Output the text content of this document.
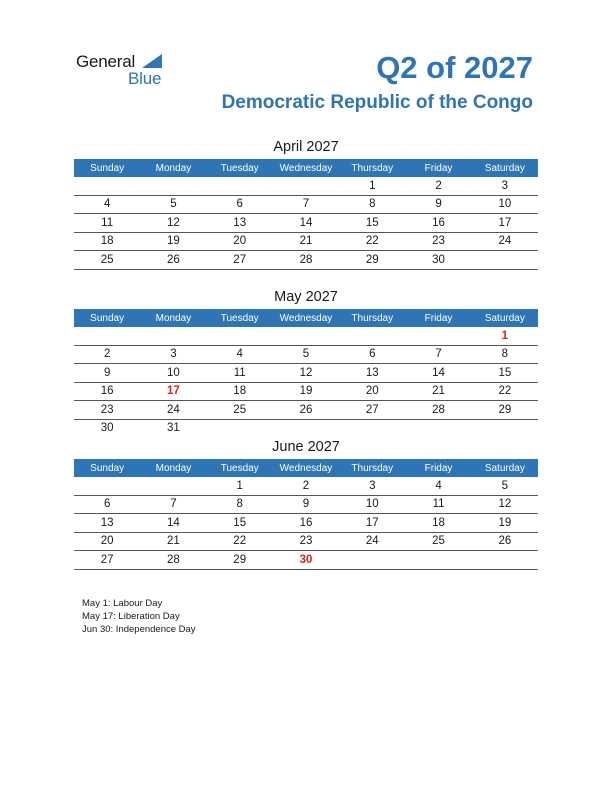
General
Blue	Q2 of 2027
Democratic Republic of the Congo
April 2027
Sunday	Monday	Tuesday	Wednesday	Thursday	Friday	Saturday
				1	2	3
4	5	6	7	8	9	10
11	12	13	14	15	16	17
18	19	20	21	22	23	24
25	26	27	28	29	30	
May 2027
Sunday	Monday	Tuesday	Wednesday	Thursday	Friday	Saturday
						1
2	3	4	5	6	7	8
9	10	11	12	13	14	15
16	17	18	19	20	21	22
23	24	25	26	27	28	29
30	31					
June 2027
Sunday	Monday	Tuesday	Wednesday	Thursday	Friday	Saturday
		1	2	3	4	5
6	7	8	9	10	11	12
13	14	15	16	17	18	19
20	21	22	23	24	25	26
27	28	29	30			
May 1: Labour Day
May 17: Liberation Day
Jun 30: Independence Day
